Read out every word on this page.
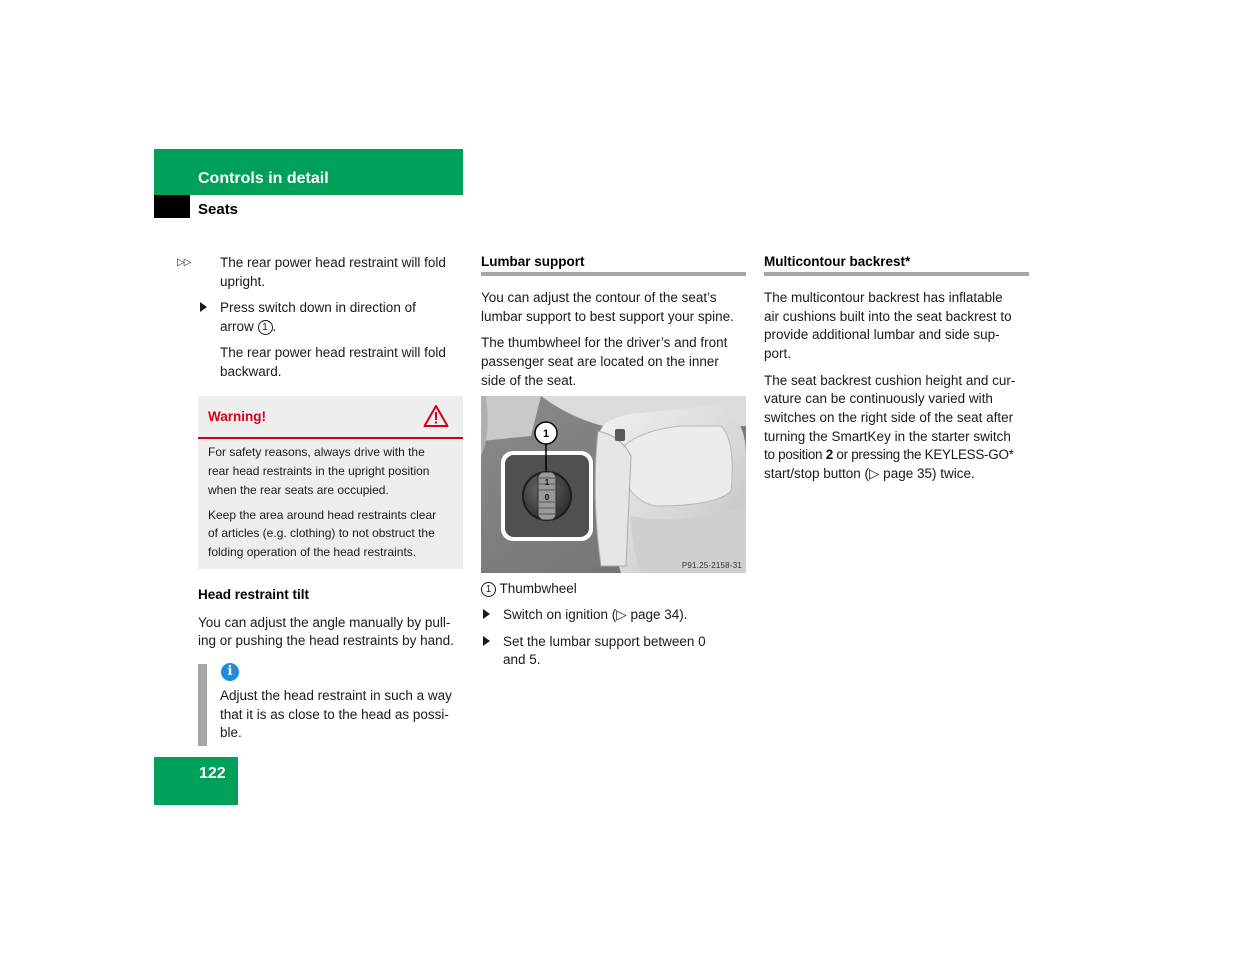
Controls in detail
Seats
▷▷ The rear power head restraint will fold upright.
Press switch down in direction of
arrow 1 .
The rear power head restraint will fold backward.
Warning!
For safety reasons, always drive with the
rear head restraints in the upright position
when the rear seats are occupied.
Keep the area around head restraints clear
of articles (e.g. clothing) to not obstruct the
folding operation of the head restraints.
Head restraint tilt
You can adjust the angle manually by pull-
ing or pushing the head restraints by hand.
i
Adjust the head restraint in such a way
that it is as close to the head as possi-
ble.
Lumbar support
You can adjust the contour of the seat’s
lumbar support to best support your spine.
The thumbwheel for the driver’s and front
passenger seat are located on the inner
side of the seat.
1
0
1
P91.25-2158-31
1 Thumbwheel
Switch on ignition (▷ page 34).
Set the lumbar support between 0
and 5.
Multicontour backrest*
The multicontour backrest has inflatable
air cushions built into the seat backrest to
provide additional lumbar and side sup-
port.
The seat backrest cushion height and cur-
vature can be continuously varied with
switches on the right side of the seat after
turning the SmartKey in the starter switch
to position 2 or pressing the KEYLESS-GO*
start/stop button (▷ page 35) twice.
122
